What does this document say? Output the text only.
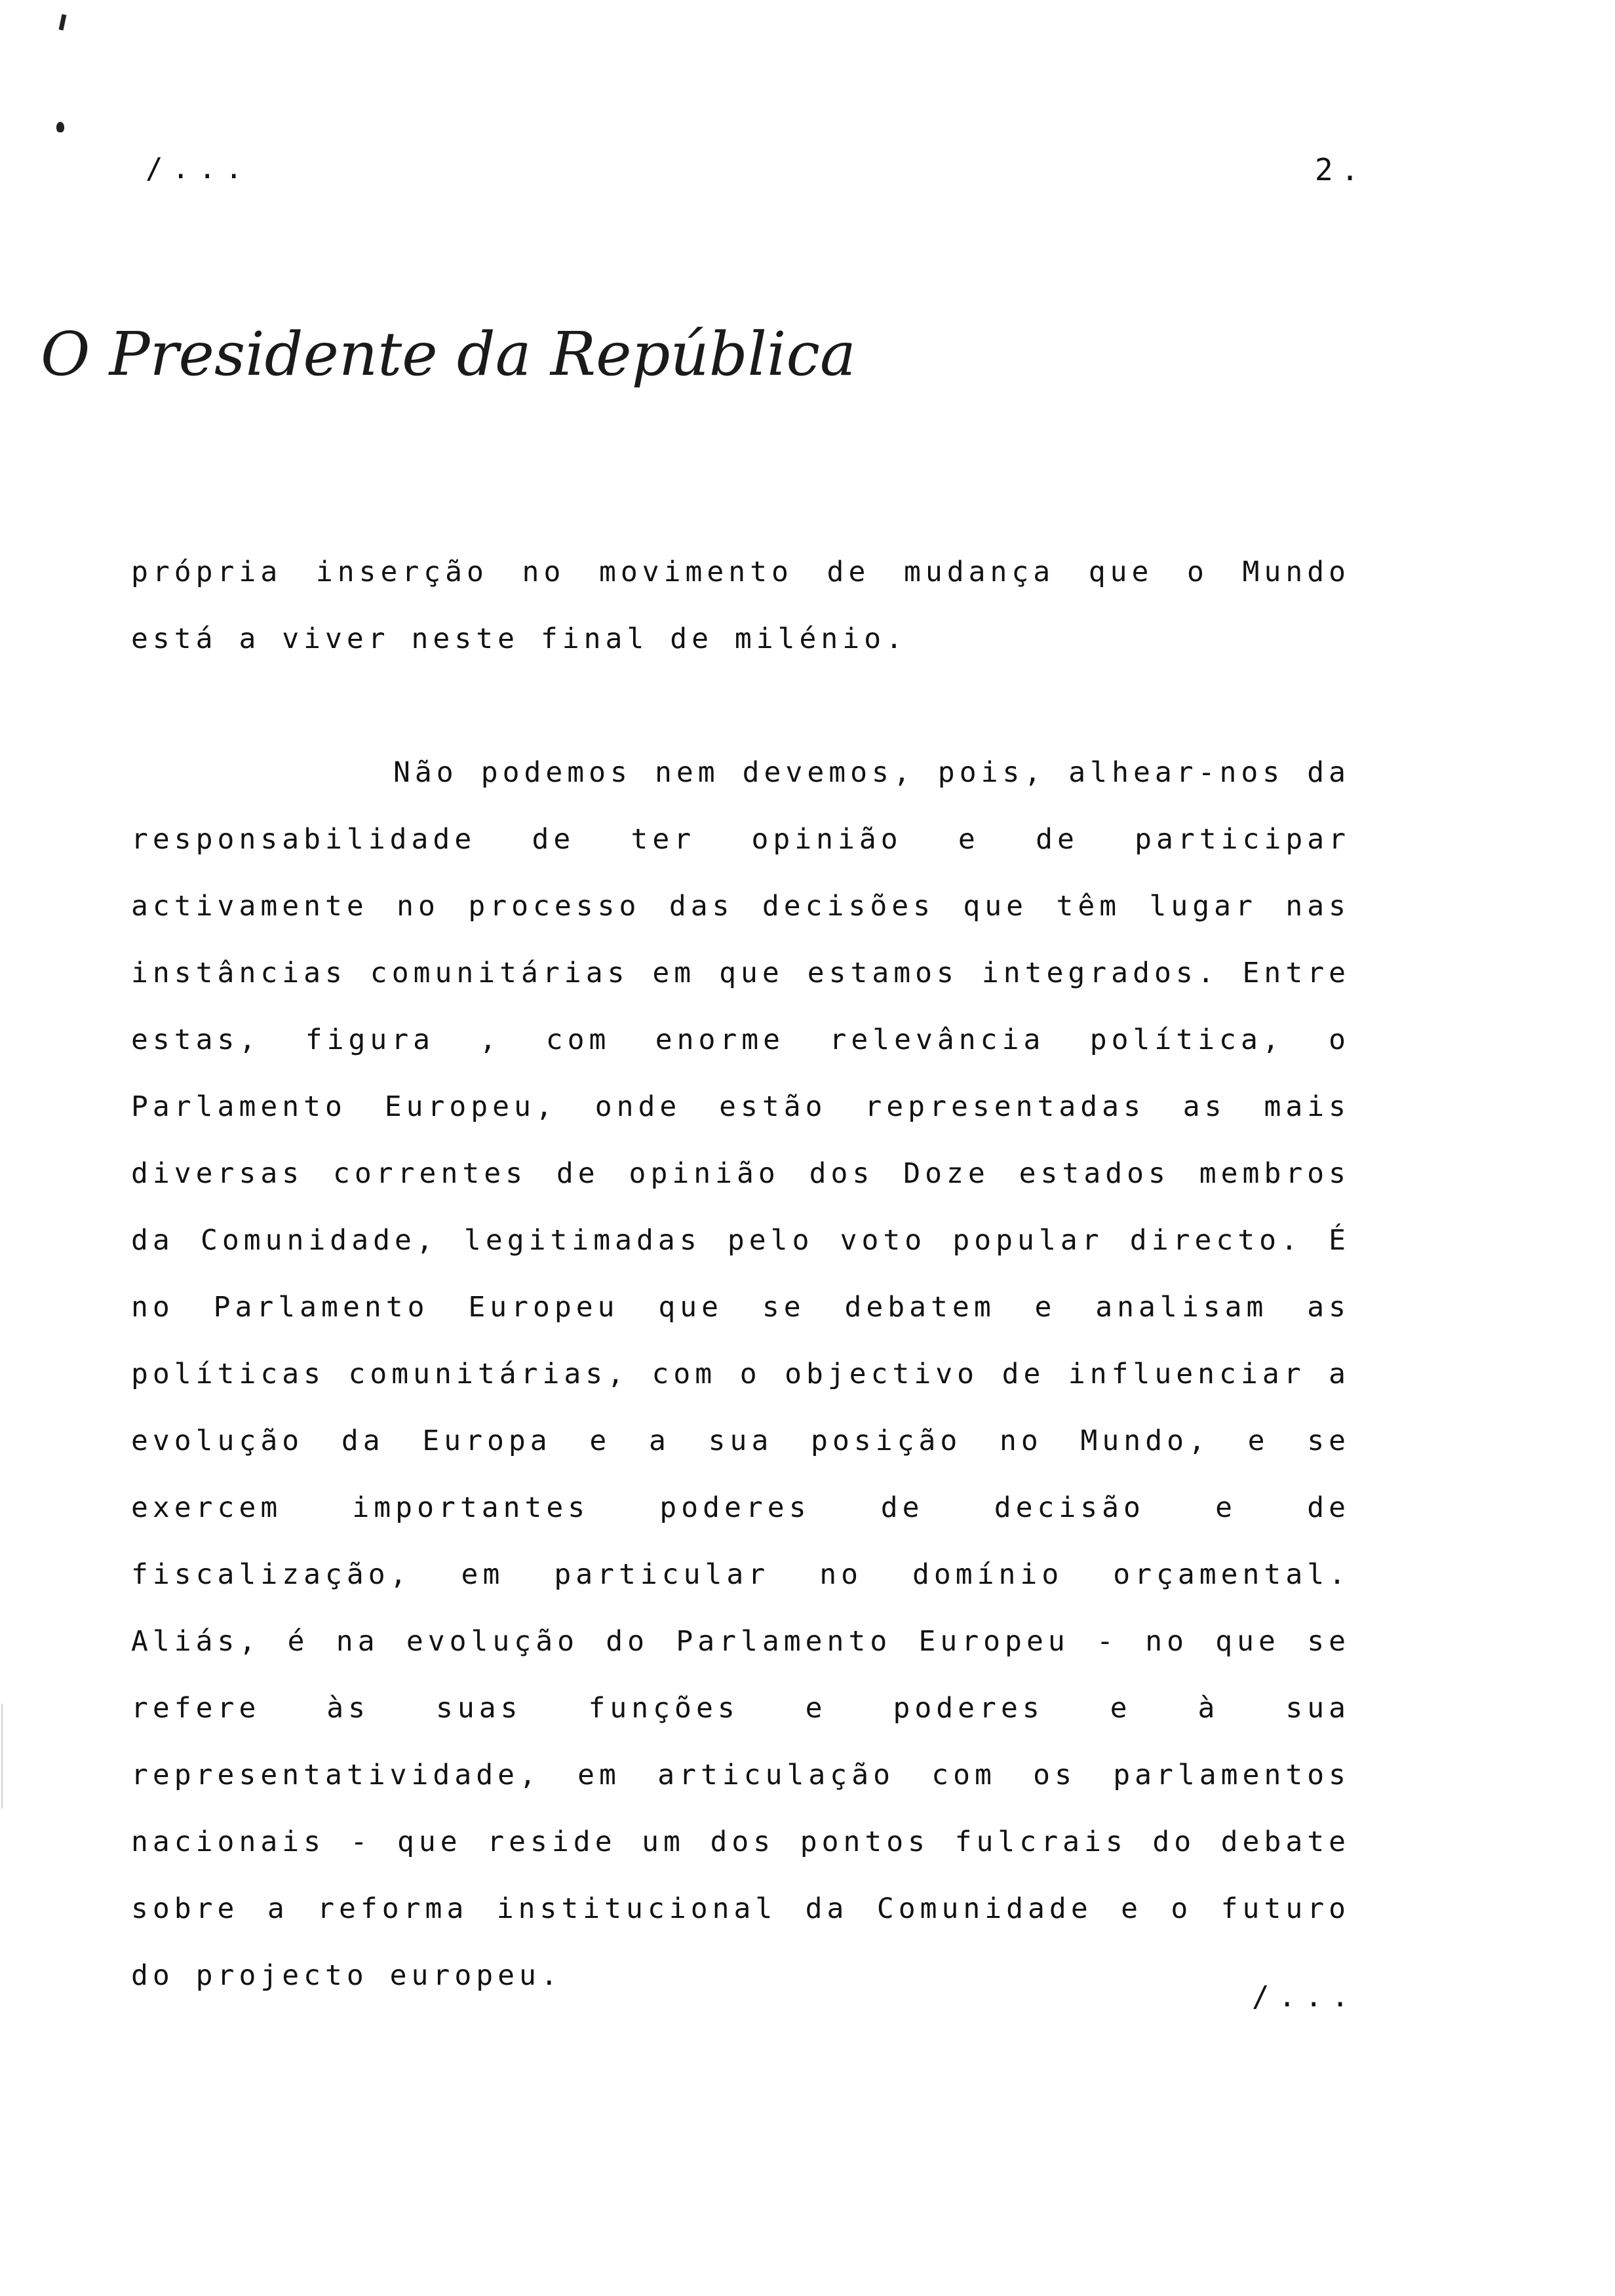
/...	2.
O Presidente da República
própria inserção no movimento de mudança que o Mundo está a viver neste final de milénio.
Não podemos nem devemos, pois, alhear-nos da responsabilidade de ter opinião e de participar activamente no processo das decisões que têm lugar nas instâncias comunitárias em que estamos integrados. Entre estas, figura , com enorme relevância política, o Parlamento Europeu, onde estão representadas as mais diversas correntes de opinião dos Doze estados membros da Comunidade, legitimadas pelo voto popular directo. É no Parlamento Europeu que se debatem e analisam as políticas comunitárias, com o objectivo de influenciar a evolução da Europa e a sua posição no Mundo, e se exercem importantes poderes de decisão e de fiscalização, em particular no domínio orçamental. Aliás, é na evolução do Parlamento Europeu - no que se refere às suas funções e poderes e à sua representatividade, em articulação com os parlamentos nacionais - que reside um dos pontos fulcrais do debate sobre a reforma institucional da Comunidade e o futuro do projecto europeu.
/...
